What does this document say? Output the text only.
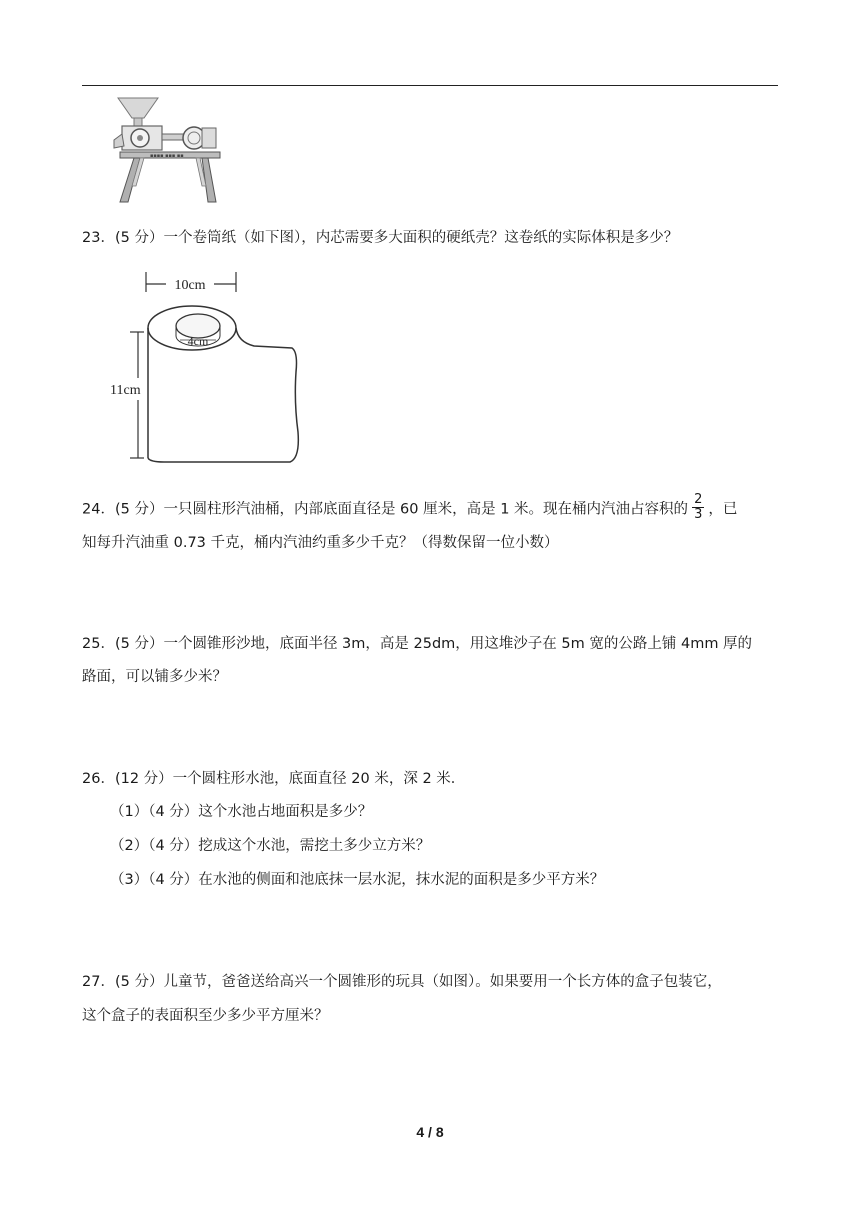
▪▪▪▪ ▪▪▪ ▪▪
23．(5 分）一个卷筒纸（如下图），内芯需要多大面积的硬纸壳？这卷纸的实际体积是多少？
10cm
11cm
4cm
24．(5 分）一只圆柱形汽油桶，内部底面直径是 60 厘米，高是 1 米。现在桶内汽油占容积的 $\frac{2}{3}$ ，已
知每升汽油重 0.73 千克，桶内汽油约重多少千克？（得数保留一位小数）
25．(5 分）一个圆锥形沙地，底面半径 3m，高是 25dm，用这堆沙子在 5m 宽的公路上铺 4mm 厚的
路面，可以铺多少米？
26．(12 分）一个圆柱形水池，底面直径 20 米，深 2 米．
（1）（4 分）这个水池占地面积是多少？
（2）（4 分）挖成这个水池，需挖土多少立方米？
（3）（4 分）在水池的侧面和池底抹一层水泥，抹水泥的面积是多少平方米？
27．(5 分）儿童节，爸爸送给高兴一个圆锥形的玩具（如图）。如果要用一个长方体的盒子包装它，
这个盒子的表面积至少多少平方厘米？
4 / 8
